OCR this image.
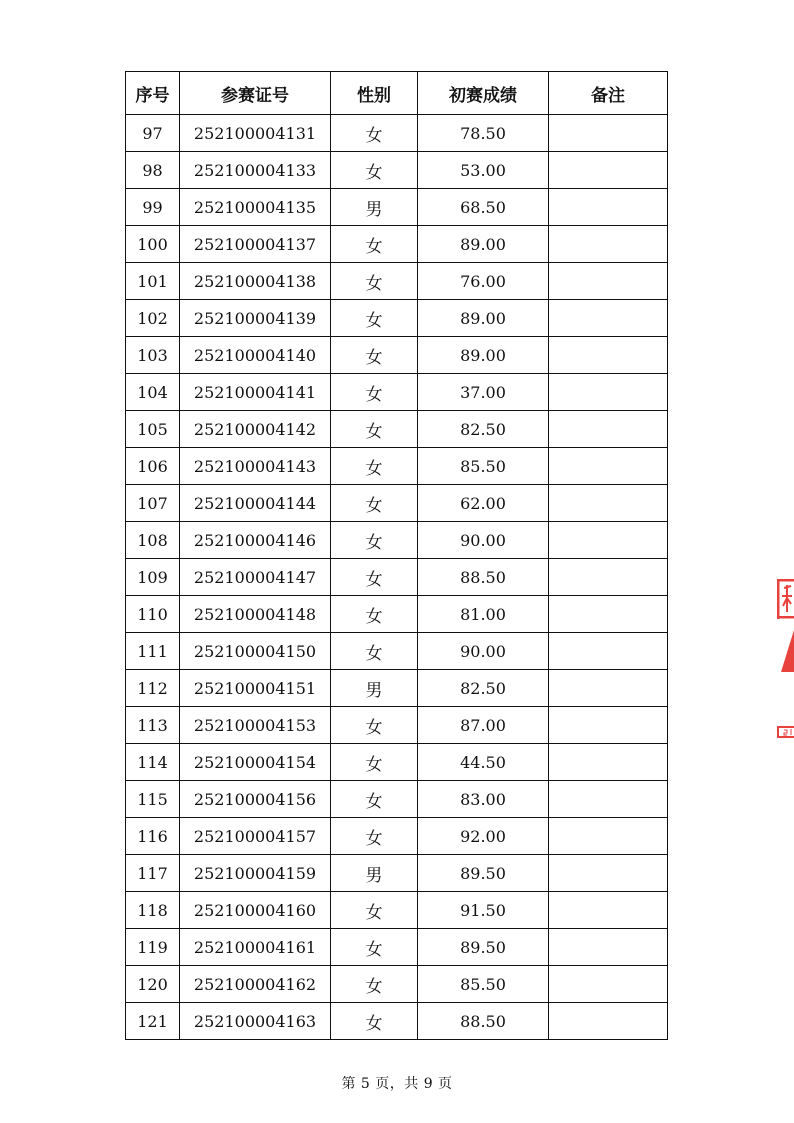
序号	参赛证号	性别	初赛成绩	备注
97	252100004131	女	78.50	
98	252100004133	女	53.00	
99	252100004135	男	68.50	
100	252100004137	女	89.00	
101	252100004138	女	76.00	
102	252100004139	女	89.00	
103	252100004140	女	89.00	
104	252100004141	女	37.00	
105	252100004142	女	82.50	
106	252100004143	女	85.50	
107	252100004144	女	62.00	
108	252100004146	女	90.00	
109	252100004147	女	88.50	
110	252100004148	女	81.00	
111	252100004150	女	90.00	
112	252100004151	男	82.50	
113	252100004153	女	87.00	
114	252100004154	女	44.50	
115	252100004156	女	83.00	
116	252100004157	女	92.00	
117	252100004159	男	89.50	
118	252100004160	女	91.50	
119	252100004161	女	89.50	
120	252100004162	女	85.50	
121	252100004163	女	88.50	
第 5 页，共 9 页
